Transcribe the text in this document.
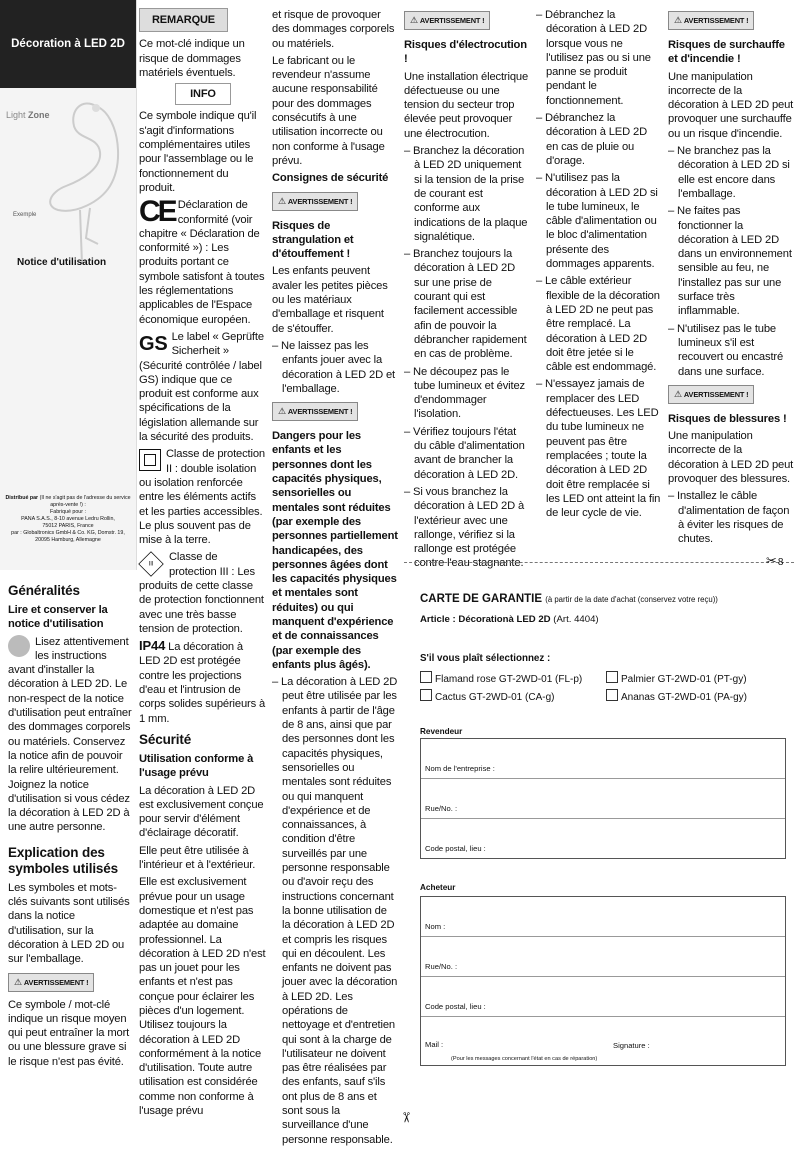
Décoration à LED 2D
Light Zone
Exemple
Notice d'utilisation
Distribué par (Il ne s'agit pas de l'adresse du service après-vente !) :
Fabriqué pour :
PANA S.A.S., 8-10 avenue Ledru Rollin,
75012 PARIS, France
par : Globaltronics GmbH & Co. KG, Domstr. 19,
20095 Hamburg, Allemagne
Généralités
Lire et conserver la notice d'utilisation

Lisez attentivement les instructions avant d'installer la décoration à LED 2D. Le non-respect de la notice d'utilisation peut entraîner des dommages corporels ou matériels. Conservez la notice afin de pouvoir la relire ultérieurement. Joignez la notice d'utilisation si vous cédez la décoration à LED 2D à une autre personne.

Explication des symboles utilisés

Les symboles et mots-clés suivants sont utilisés dans la notice d'utilisation, sur la décoration à LED 2D ou sur l'emballage.

⚠ AVERTISSEMENT !

Ce symbole / mot-clé indique un risque moyen qui peut entraîner la mort ou une blessure grave si le risque n'est pas évité.

REMARQUE

Ce mot-clé indique un risque de dommages matériels éventuels.

INFO

Ce symbole indique qu'il s'agit d'informations complémentaires utiles pour l'assemblage ou le fonctionnement du produit.

CE Déclaration de conformité (voir chapitre « Déclaration de conformité ») : Les produits portant ce symbole satisfont à toutes les réglementations applicables de l'Espace économique européen.

GS Le label « Geprüfte Sicherheit » (Sécurité contrôlée / label GS) indique que ce produit est conforme aux spécifications de la législation allemande sur la sécurité des produits.

Classe de protection II : double isolation ou isolation renforcée entre les éléments actifs et les parties accessibles. Le plus souvent pas de mise à la terre.

III
Classe de protection III : Les produits de cette classe de protection fonctionnent avec une très basse tension de protection.

IP44 La décoration à LED 2D est protégée contre les projections d'eau et l'intrusion de corps solides supérieurs à 1 mm.

Sécurité
Utilisation conforme à l'usage prévu

La décoration à LED 2D est exclusivement conçue pour servir d'élément d'éclairage décoratif.

Elle peut être utilisée à l'intérieur et à l'extérieur.

Elle est exclusivement prévue pour un usage domestique et n'est pas adaptée au domaine professionnel. La décoration à LED 2D n'est pas un jouet pour les enfants et n'est pas conçue pour éclairer les pièces d'un logement. Utilisez toujours la décoration à LED 2D conformément à la notice d'utilisation. Toute autre utilisation est considérée comme non conforme à l'usage prévu

et risque de provoquer des dommages corporels ou matériels.

Le fabricant ou le revendeur n'assume aucune responsabilité pour des dommages consécutifs à une utilisation incorrecte ou non conforme à l'usage prévu.

Consignes de sécurité
⚠ AVERTISSEMENT !
Risques de strangulation et d'étouffement !

Les enfants peuvent avaler les petites pièces ou les matériaux d'emballage et risquent de s'étouffer.

– Ne laissez pas les enfants jouer avec la décoration à LED 2D et l'emballage.

⚠ AVERTISSEMENT !
Dangers pour les enfants et les personnes dont les capacités physiques, sensorielles ou mentales sont réduites (par exemple des personnes partiellement handicapées, des personnes âgées dont les capacités physiques et mentales sont réduites) ou qui manquent d'expérience et de connaissances (par exemple des enfants plus âgés).

– La décoration à LED 2D peut être utilisée par les enfants à partir de l'âge de 8 ans, ainsi que par des personnes dont les capacités physiques, sensorielles ou mentales sont réduites ou qui manquent d'expérience et de connaissances, à condition d'être surveillés par une personne responsable ou d'avoir reçu des instructions concernant la bonne utilisation de la décoration à LED 2D et compris les risques qui en découlent. Les enfants ne doivent pas jouer avec la décoration à LED 2D. Les opérations de nettoyage et d'entretien qui sont à la charge de l'utilisateur ne doivent pas être réalisées par des enfants, sauf s'ils ont plus de 8 ans et sont sous la surveillance d'une personne responsable.

⚠ AVERTISSEMENT !
Risques d'électrocution !

Une installation électrique défectueuse ou une tension du secteur trop élevée peut provoquer une électrocution.

– Branchez la décoration à LED 2D uniquement si la tension de la prise de courant est conforme aux indications de la plaque signalétique.

– Branchez toujours la décoration à LED 2D sur une prise de courant qui est facilement accessible afin de pouvoir la débrancher rapidement en cas de problème.

– Ne découpez pas le tube lumineux et évitez d'endommager l'isolation.

– Vérifiez toujours l'état du câble d'alimentation avant de brancher la décoration à LED 2D.

– Si vous branchez la décoration à LED 2D à l'extérieur avec une rallonge, vérifiez si la rallonge est protégée contre l'eau stagnante.

– Débranchez la décoration à LED 2D lorsque vous ne l'utilisez pas ou si une panne se produit pendant le fonctionnement.

– Débranchez la décoration à LED 2D en cas de pluie ou d'orage.

– N'utilisez pas la décoration à LED 2D si le tube lumineux, le câble d'alimentation ou le bloc d'alimentation présente des dommages apparents.

– Le câble extérieur flexible de la décoration à LED 2D ne peut pas être remplacé. La décoration à LED 2D doit être jetée si le câble est endommagé.

– N'essayez jamais de remplacer des LED défectueuses. Les LED du tube lumineux ne peuvent pas être remplacées ; toute la décoration à LED 2D doit être remplacée si les LED ont atteint la fin de leur cycle de vie.

⚠ AVERTISSEMENT !
Risques de surchauffe et d'incendie !

Une manipulation incorrecte de la décoration à LED 2D peut provoquer une surchauffe ou un risque d'incendie.

– Ne branchez pas la décoration à LED 2D si elle est encore dans l'emballage.

– Ne faites pas fonctionner la décoration à LED 2D dans un environnement sensible au feu, ne l'installez pas sur une surface très inflammable.

– N'utilisez pas le tube lumineux s'il est recouvert ou encastré dans une surface.

⚠ AVERTISSEMENT !
Risques de blessures !

Une manipulation incorrecte de la décoration à LED 2D peut provoquer des blessures.

– Installez le câble d'alimentation de façon à éviter les risques de chutes.

✂8
CARTE DE GARANTIE (à partir de la date d'achat (conservez votre reçu))
Article : Décorationà LED 2D (Art. 4404)
S'il vous plaît sélectionnez :
Flamand rose GT-2WD-01 (FL-p)	Palmier GT-2WD-01 (PT-gy)
Cactus GT-2WD-01 (CA-g)	Ananas GT-2WD-01 (PA-gy)
Revendeur
Nom de l'entreprise :
Rue/No. :
Code postal, lieu :
Acheteur
Nom :
Rue/No. :
Code postal, lieu :
Mail :	Signature :
(Pour les messages concernant l'état en cas de réparation)
✂
